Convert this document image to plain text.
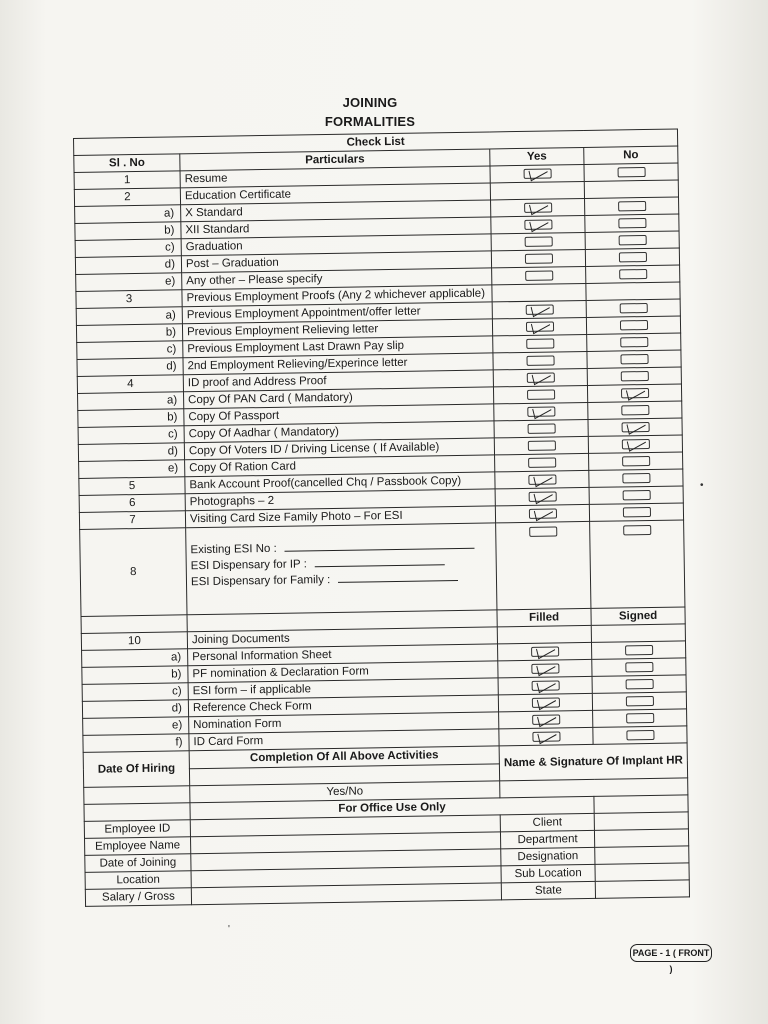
JOINING
FORMALITIES
Check List			
Sl . No	Particulars	Yes	No
1	Resume		
2	Education Certificate		
a)	X Standard		
b)	XII Standard		
c)	Graduation		
d)	Post – Graduation		
e)	Any other – Please specify		
3	Previous Employment Proofs (Any 2 whichever applicable)		
a)	Previous Employment Appointment/offer letter		
b)	Previous Employment Relieving letter		
c)	Previous Employment Last Drawn Pay slip		
d)	2nd Employment Relieving/Experince letter		
4	ID proof and Address Proof		
a)	Copy Of PAN Card ( Mandatory)		
b)	Copy Of Passport		
c)	Copy Of Aadhar ( Mandatory)		
d)	Copy Of Voters ID / Driving License ( If Available)		
e)	Copy Of Ration Card		
5	Bank Account Proof(cancelled Chq / Passbook Copy)		
6	Photographs – 2		
7	Visiting Card Size Family Photo – For ESI		
8	Existing ESI No :
ESI Dispensary for IP :
ESI Dispensary for Family :		

		Filled	Signed
10	Joining Documents		
a)	Personal Information Sheet		
b)	PF nomination & Declaration Form		
c)	ESI form – if applicable		
d)	Reference Check Form		
e)	Nomination Form		
f)	ID Card Form		
Date Of Hiring	Completion Of All Above Activities	Name & Signature Of Implant HR	

	Yes/No		
	For Office Use Only		
Employee ID		Client	
Employee Name		Department	
Date of Joining		Designation	
Location		Sub Location	
Salary / Gross		State	
•
'
PAGE - 1 ( FRONT )
